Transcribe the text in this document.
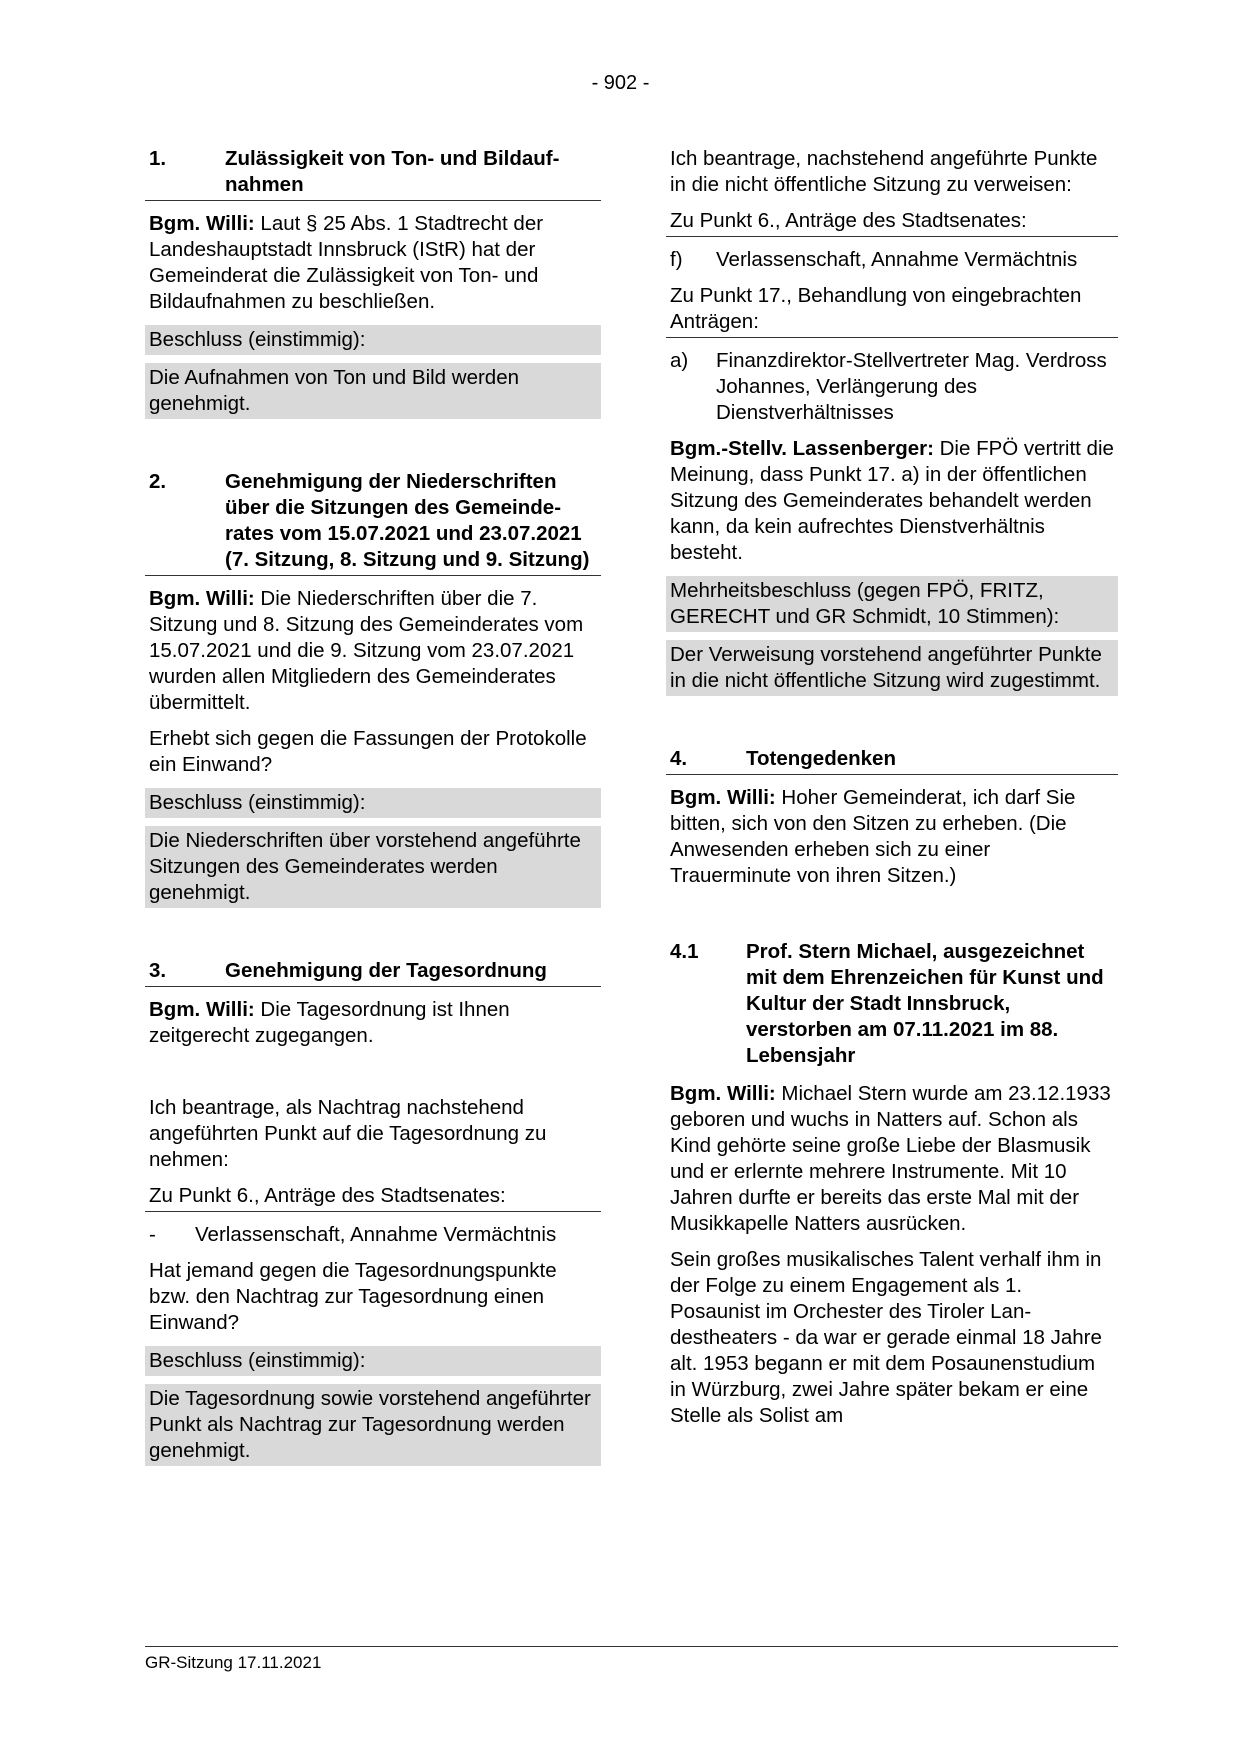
- 902 -
1.	Zulässigkeit von Ton- und Bildaufnahmen

Bgm. Willi: Laut § 25 Abs. 1 Stadtrecht der Landeshauptstadt Innsbruck (IStR) hat der Gemeinderat die Zulässigkeit von Ton- und Bildaufnahmen zu beschließen.

Beschluss (einstimmig):
Die Aufnahmen von Ton und Bild werden genehmigt.
2.	Genehmigung der Niederschriften über die Sitzungen des Gemeinderates vom 15.07.2021 und 23.07.2021 (7. Sitzung, 8. Sitzung und 9. Sitzung)

Bgm. Willi: Die Niederschriften über die 7. Sitzung und 8. Sitzung des Gemeinderates vom 15.07.2021 und die 9. Sitzung vom 23.07.2021 wurden allen Mitgliedern des Gemeinderates übermittelt.

Erhebt sich gegen die Fassungen der Protokolle ein Einwand?

Beschluss (einstimmig):
Die Niederschriften über vorstehend angeführte Sitzungen des Gemeinderates werden genehmigt.
3.	Genehmigung der Tagesordnung

Bgm. Willi: Die Tagesordnung ist Ihnen zeitgerecht zugegangen.

Ich beantrage, als Nachtrag nachstehend angeführten Punkt auf die Tagesordnung zu nehmen:

Zu Punkt 6., Anträge des Stadtsenates:

-	Verlassenschaft, Annahme Vermächtnis

Hat jemand gegen die Tagesordnungspunkte bzw. den Nachtrag zur Tagesordnung einen Einwand?

Beschluss (einstimmig):
Die Tagesordnung sowie vorstehend angeführter Punkt als Nachtrag zur Tagesordnung werden genehmigt.

Ich beantrage, nachstehend angeführte Punkte in die nicht öffentliche Sitzung zu verweisen:

Zu Punkt 6., Anträge des Stadtsenates:

f)	Verlassenschaft, Annahme Vermächtnis

Zu Punkt 17., Behandlung von eingebrachten Anträgen:

a)	Finanzdirektor-Stellvertreter Mag. Verdross Johannes, Verlängerung des Dienstverhältnisses

Bgm.-Stellv. Lassenberger: Die FPÖ vertritt die Meinung, dass Punkt 17. a) in der öffentlichen Sitzung des Gemeinderates behandelt werden kann, da kein aufrechtes Dienstverhältnis besteht.

Mehrheitsbeschluss (gegen FPÖ, FRITZ, GERECHT und GR Schmidt, 10 Stimmen):
Der Verweisung vorstehend angeführter Punkte in die nicht öffentliche Sitzung wird zugestimmt.
4.	Totengedenken

Bgm. Willi: Hoher Gemeinderat, ich darf Sie bitten, sich von den Sitzen zu erheben. (Die Anwesenden erheben sich zu einer Trauerminute von ihren Sitzen.)

4.1	Prof. Stern Michael, ausgezeichnet mit dem Ehrenzeichen für Kunst und Kultur der Stadt Innsbruck, verstorben am 07.11.2021 im 88. Lebensjahr

Bgm. Willi: Michael Stern wurde am 23.12.1933 geboren und wuchs in Natters auf. Schon als Kind gehörte seine große Liebe der Blasmusik und er erlernte mehrere Instrumente. Mit 10 Jahren durfte er bereits das erste Mal mit der Musikkapelle Natters ausrücken.

Sein großes musikalisches Talent verhalf ihm in der Folge zu einem Engagement als 1. Posaunist im Orchester des Tiroler Landestheaters - da war er gerade einmal 18 Jahre alt. 1953 begann er mit dem Posaunenstudium in Würzburg, zwei Jahre später bekam er eine Stelle als Solist am

GR-Sitzung 17.11.2021
